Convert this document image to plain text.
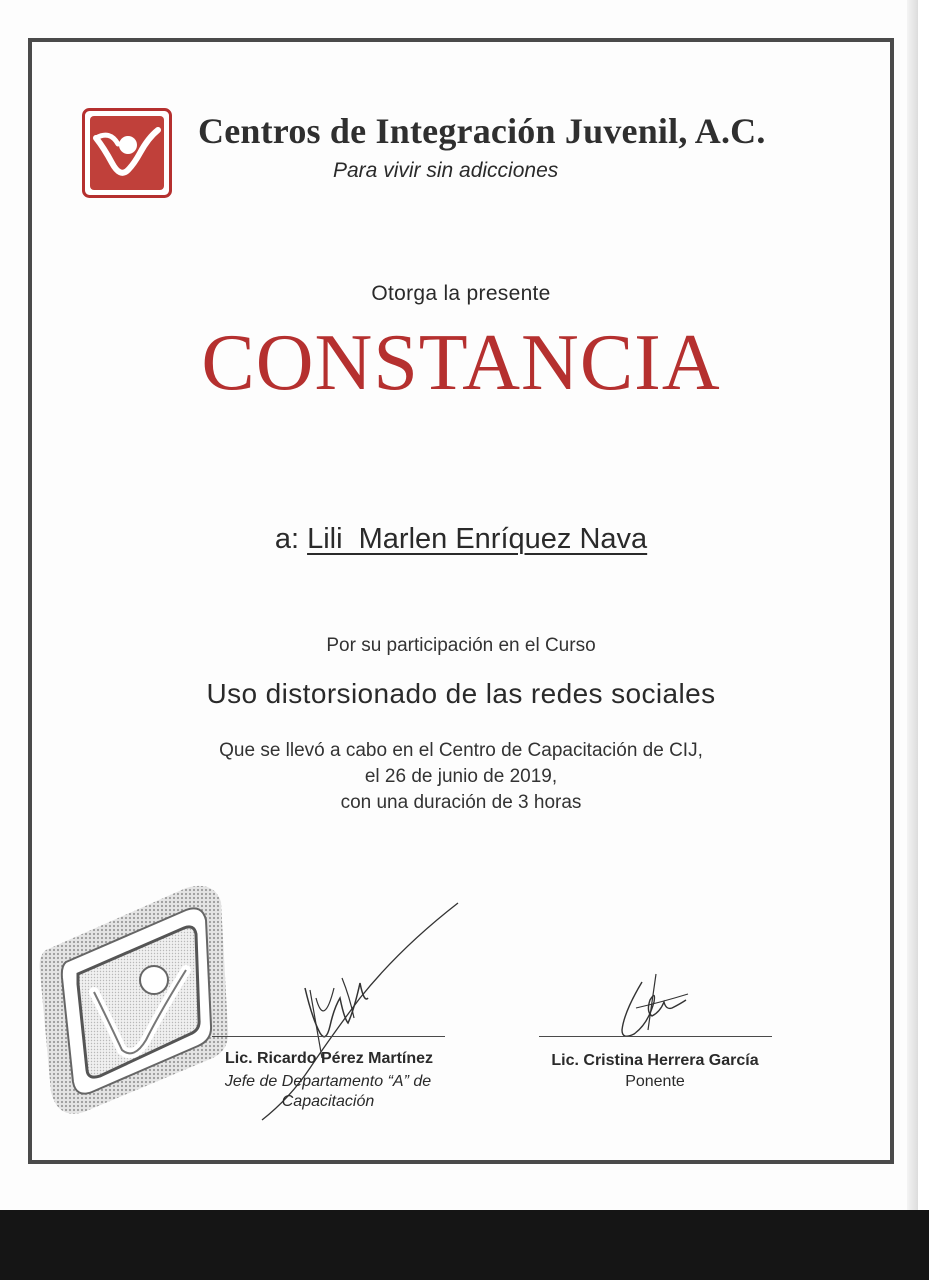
Centros de Integración Juvenil, A.C.
Para vivir sin adicciones
Otorga la presente
CONSTANCIA
a: Lili  Marlen Enríquez Nava
Por su participación en el Curso
Uso distorsionado de las redes sociales
Que se llevó a cabo en el Centro de Capacitación de CIJ,
el 26 de junio de 2019,
con una duración de 3 horas
Lic. Ricardo Pérez Martínez
Jefe de Departamento “A” de
Capacitación
Lic. Cristina Herrera García
Ponente
